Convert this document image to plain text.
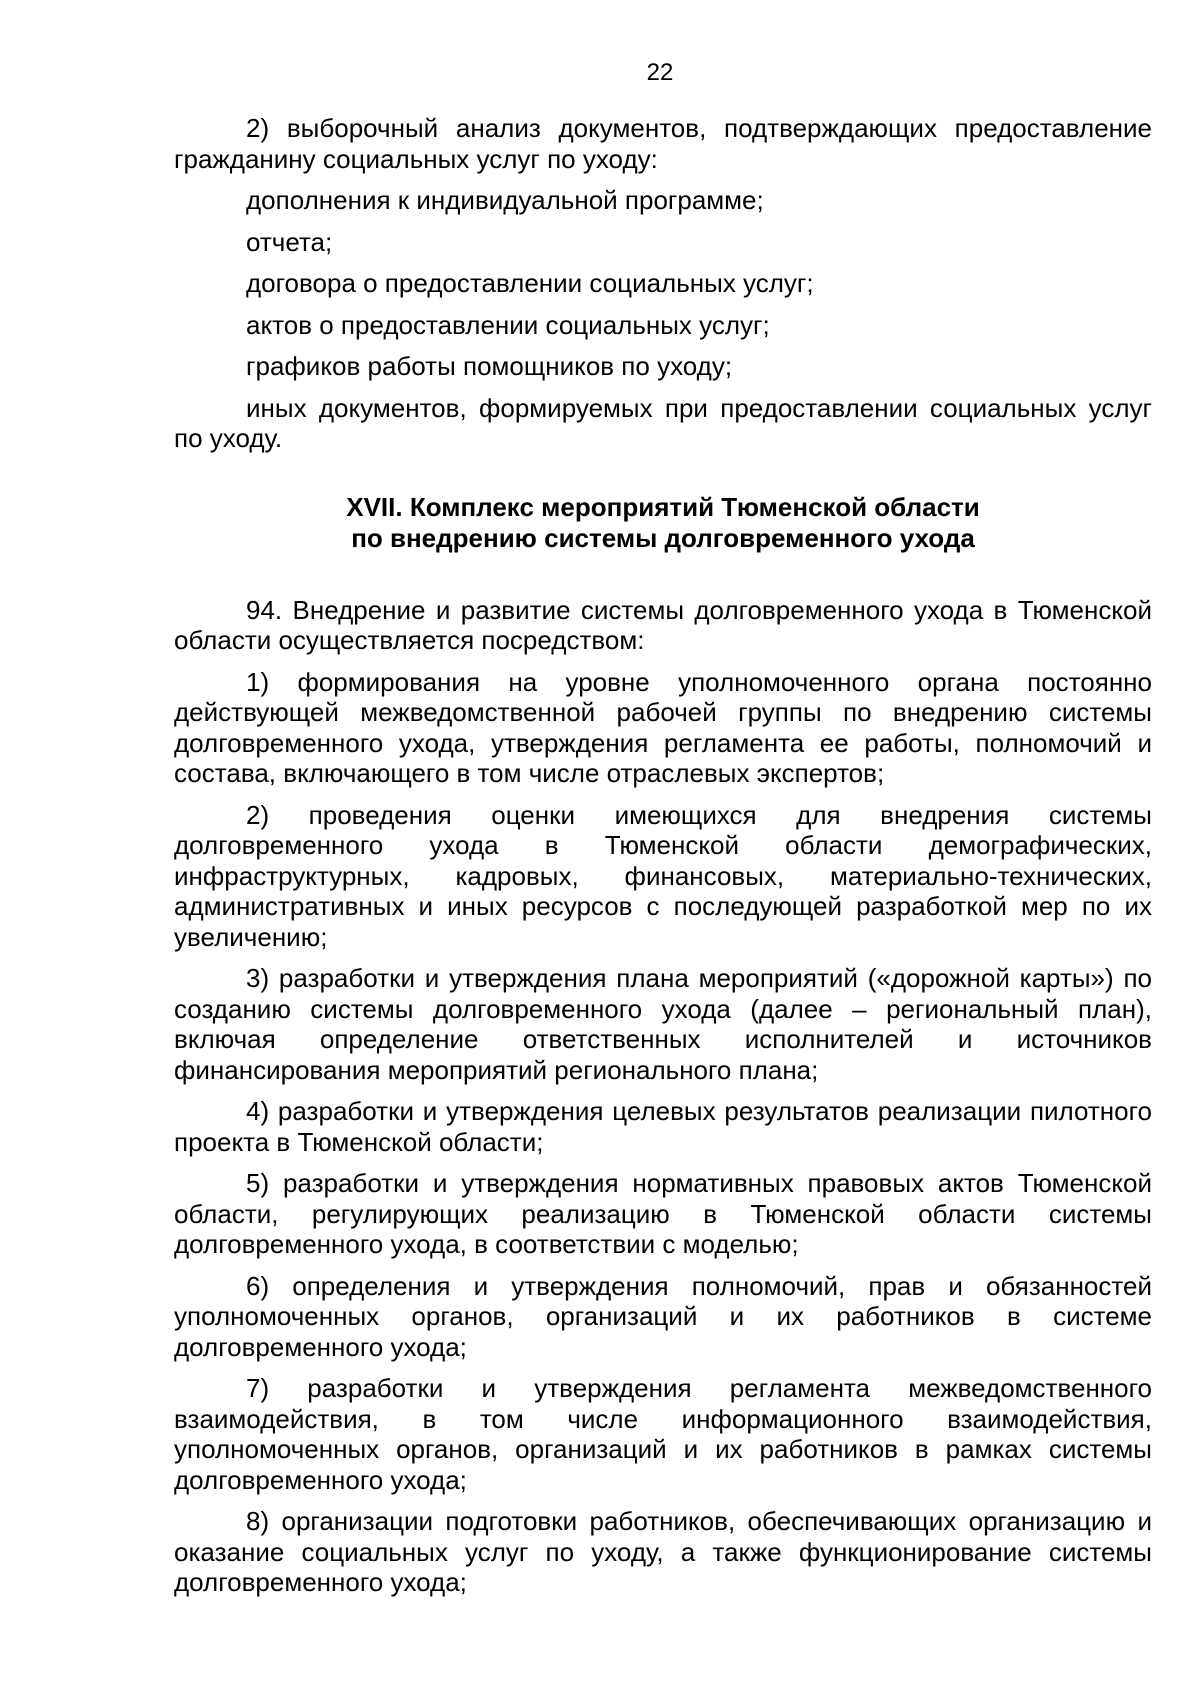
22

2) выборочный анализ документов, подтверждающих предоставление гражданину социальных услуг по уходу:

дополнения к индивидуальной программе;

отчета;

договора о предоставлении социальных услуг;

актов о предоставлении социальных услуг;

графиков работы помощников по уходу;

иных документов, формируемых при предоставлении социальных услуг по уходу.

XVII. Комплекс мероприятий Тюменской области
по внедрению системы долговременного ухода

94. Внедрение и развитие системы долговременного ухода в Тюменской области осуществляется посредством:

1) формирования на уровне уполномоченного органа постоянно действующей межведомственной рабочей группы по внедрению системы долговременного ухода, утверждения регламента ее работы, полномочий и состава, включающего в том числе отраслевых экспертов;

2) проведения оценки имеющихся для внедрения системы долговременного ухода в Тюменской области демографических, инфраструктурных, кадровых, финансовых, материально-технических, административных и иных ресурсов с последующей разработкой мер по их увеличению;

3) разработки и утверждения плана мероприятий («дорожной карты») по созданию системы долговременного ухода (далее – региональный план), включая определение ответственных исполнителей и источников финансирования мероприятий регионального плана;

4) разработки и утверждения целевых результатов реализации пилотного проекта в Тюменской области;

5) разработки и утверждения нормативных правовых актов Тюменской области, регулирующих реализацию в Тюменской области системы долговременного ухода, в соответствии с моделью;

6) определения и утверждения полномочий, прав и обязанностей уполномоченных органов, организаций и их работников в системе долговременного ухода;

7) разработки и утверждения регламента межведомственного взаимодействия, в том числе информационного взаимодействия, уполномоченных органов, организаций и их работников в рамках системы долговременного ухода;

8) организации подготовки работников, обеспечивающих организацию и оказание социальных услуг по уходу, а также функционирование системы долговременного ухода;
